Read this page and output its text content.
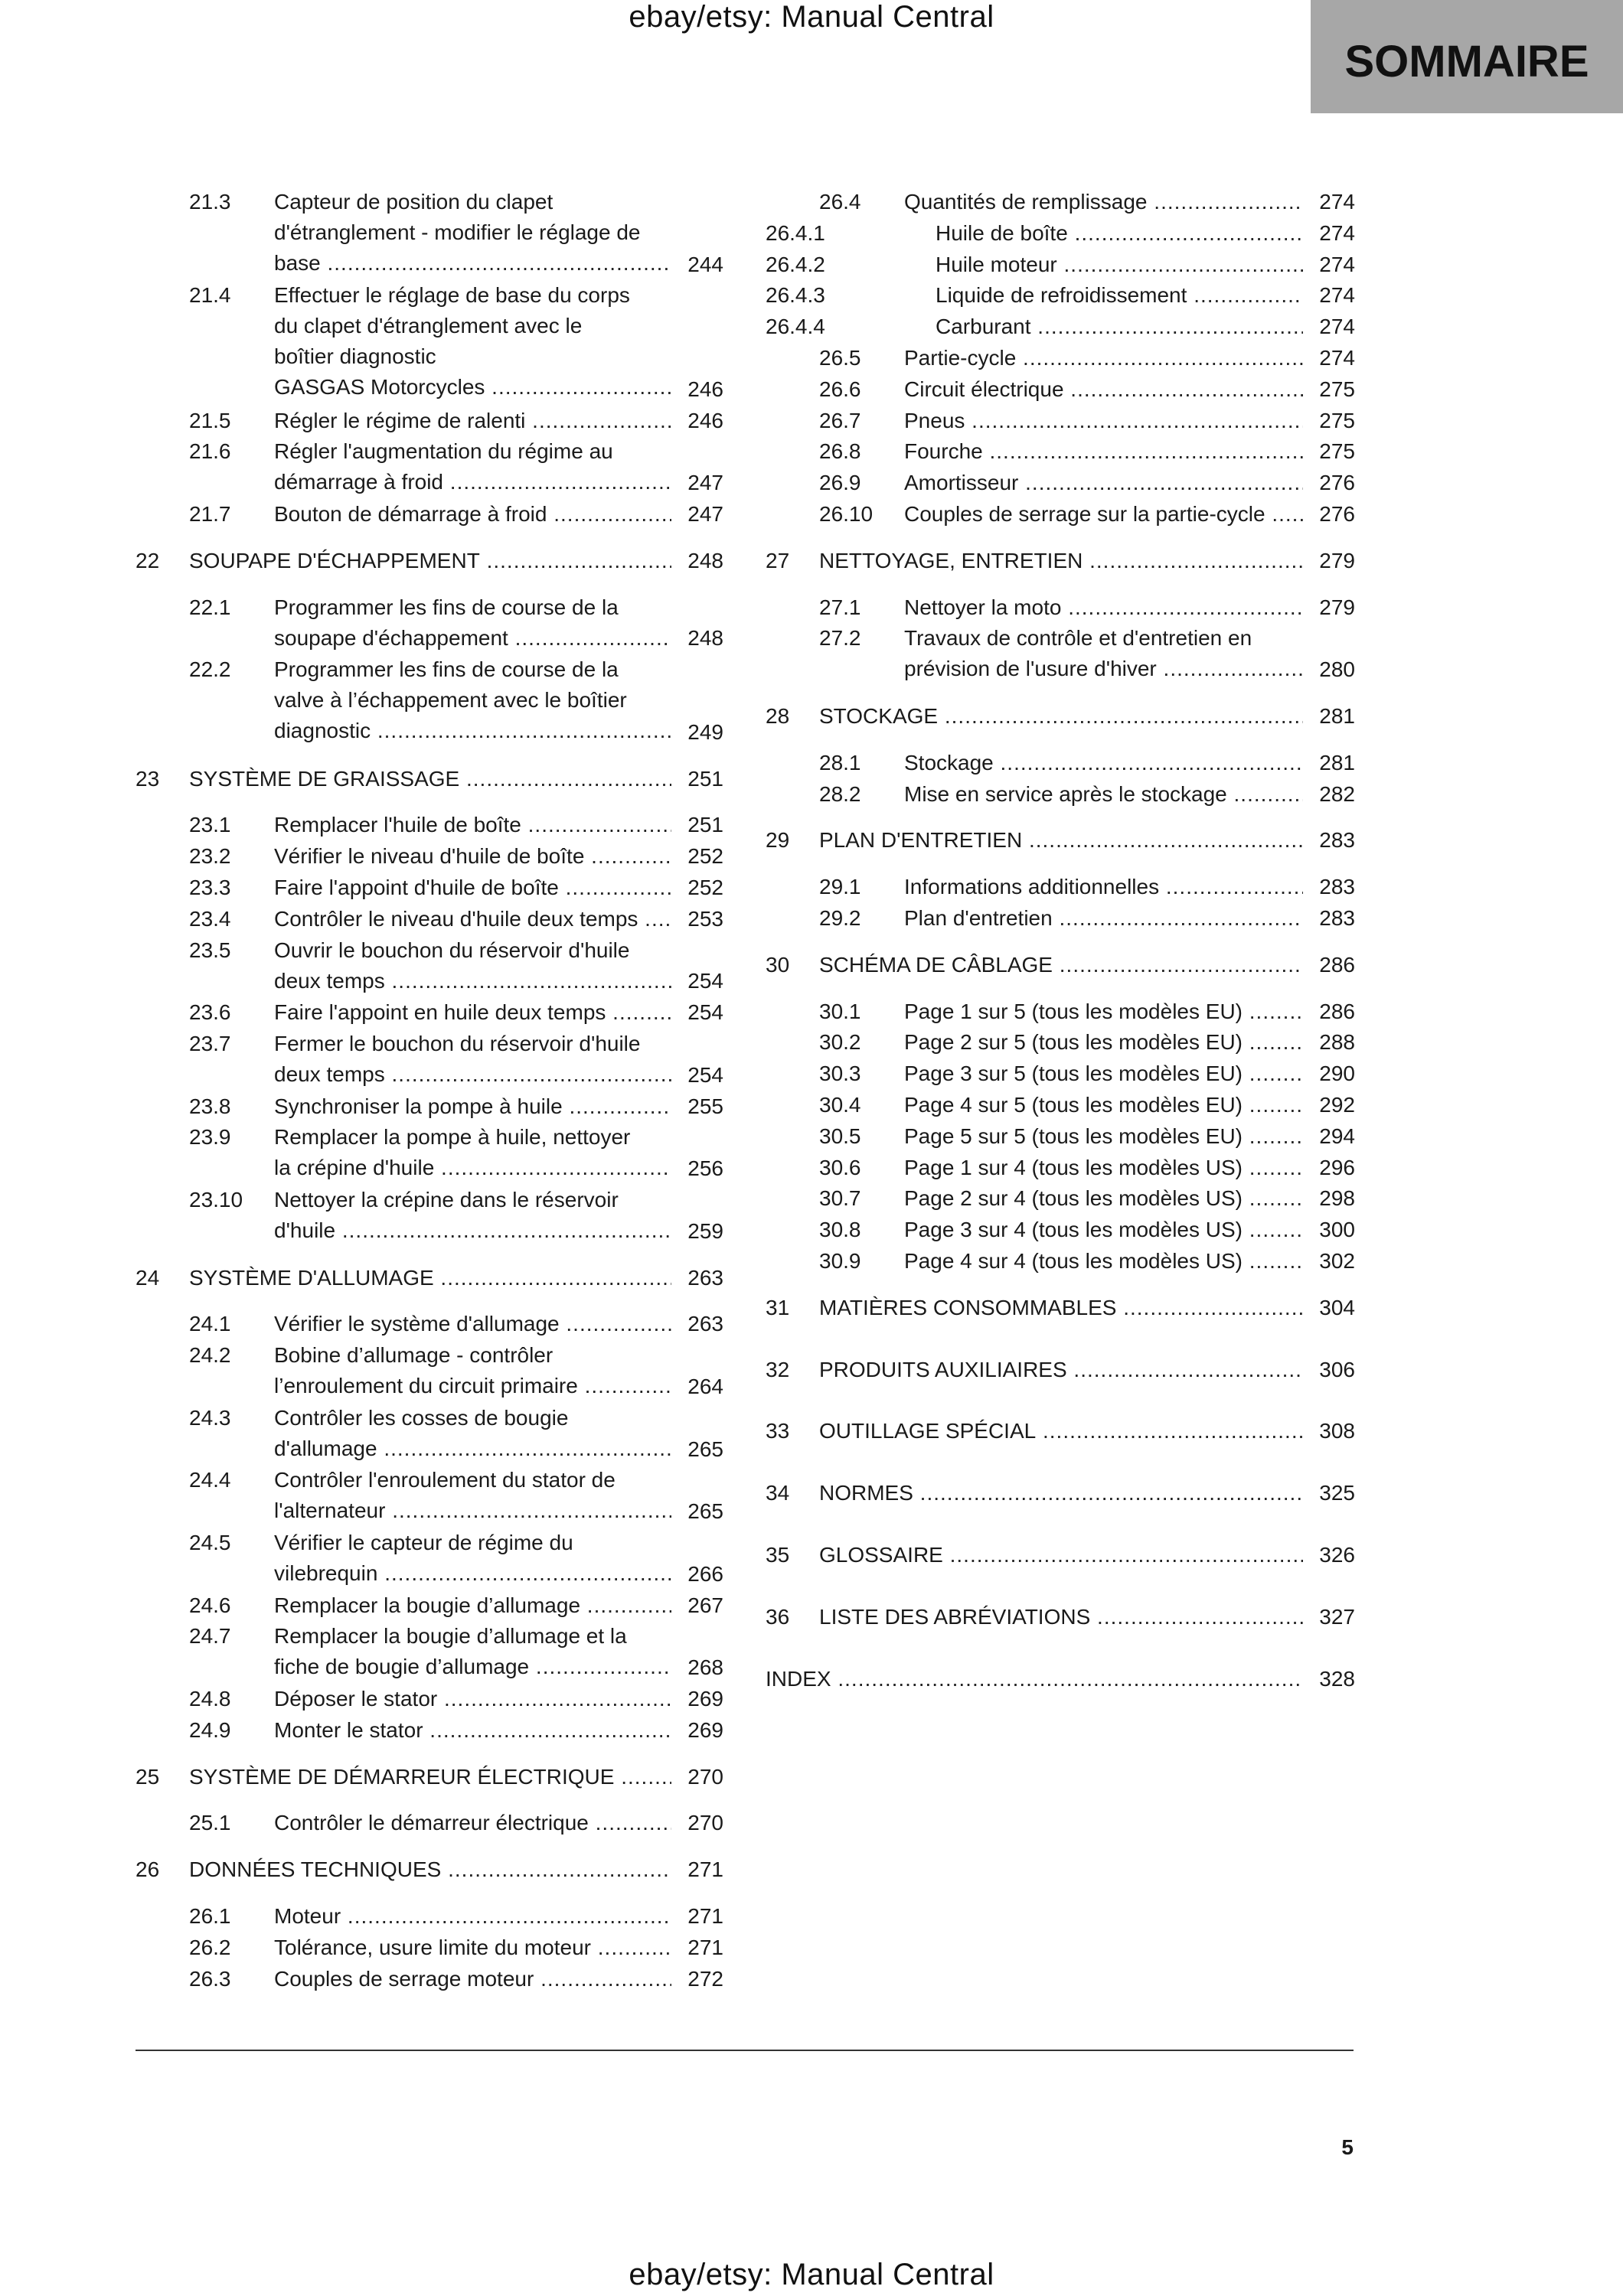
ebay/etsy: Manual Central
SOMMAIRE
21.3 Capteur de position du clapet
d'étranglement - modifier le réglage de
base .....	244
21.4 Effectuer le réglage de base du corps
du clapet d'étranglement avec le
boîtier diagnostic
GASGAS Motorcycles .....	246
21.5 Régler le régime de ralenti .....	246
21.6 Régler l'augmentation du régime au
démarrage à froid .....	247
21.7 Bouton de démarrage à froid .....	247
22 SOUPAPE D'ÉCHAPPEMENT .....	248
22.1 Programmer les fins de course de la
soupape d'échappement .....	248
22.2 Programmer les fins de course de la
valve à l’échappement avec le boîtier
diagnostic .....	249
23 SYSTÈME DE GRAISSAGE .....	251
23.1 Remplacer l'huile de boîte .....	251
23.2 Vérifier le niveau d'huile de boîte .....	252
23.3 Faire l'appoint d'huile de boîte .....	252
23.4 Contrôler le niveau d'huile deux temps .....	253
23.5 Ouvrir le bouchon du réservoir d'huile
deux temps .....	254
23.6 Faire l'appoint en huile deux temps .....	254
23.7 Fermer le bouchon du réservoir d'huile
deux temps .....	254
23.8 Synchroniser la pompe à huile .....	255
23.9 Remplacer la pompe à huile, nettoyer
la crépine d'huile .....	256
23.10 Nettoyer la crépine dans le réservoir
d'huile .....	259
24 SYSTÈME D'ALLUMAGE .....	263
24.1 Vérifier le système d'allumage .....	263
24.2 Bobine d’allumage - contrôler
l’enroulement du circuit primaire .....	264
24.3 Contrôler les cosses de bougie
d'allumage .....	265
24.4 Contrôler l'enroulement du stator de
l'alternateur .....	265
24.5 Vérifier le capteur de régime du
vilebrequin .....	266
24.6 Remplacer la bougie d’allumage .....	267
24.7 Remplacer la bougie d’allumage et la
fiche de bougie d’allumage .....	268
24.8 Déposer le stator .....	269
24.9 Monter le stator .....	269
25 SYSTÈME DE DÉMARREUR ÉLECTRIQUE .....	270
25.1 Contrôler le démarreur électrique .....	270
26 DONNÉES TECHNIQUES .....	271
26.1 Moteur .....	271
26.2 Tolérance, usure limite du moteur .....	271
26.3 Couples de serrage moteur .....	272
26.4 Quantités de remplissage .....	274
26.4.1	Huile de boîte .....	274
26.4.2	Huile moteur .....	274
26.4.3	Liquide de refroidissement .....	274
26.4.4	Carburant .....	274
26.5 Partie-cycle .....	274
26.6 Circuit électrique .....	275
26.7 Pneus .....	275
26.8 Fourche .....	275
26.9 Amortisseur .....	276
26.10 Couples de serrage sur la partie-cycle .....	276
27 NETTOYAGE, ENTRETIEN .....	279
27.1 Nettoyer la moto .....	279
27.2 Travaux de contrôle et d'entretien en
prévision de l'usure d'hiver .....	280
28 STOCKAGE .....	281
28.1 Stockage .....	281
28.2 Mise en service après le stockage .....	282
29 PLAN D'ENTRETIEN .....	283
29.1 Informations additionnelles .....	283
29.2 Plan d'entretien .....	283
30 SCHÉMA DE CÂBLAGE .....	286
30.1 Page 1 sur 5 (tous les modèles EU) .....	286
30.2 Page 2 sur 5 (tous les modèles EU) .....	288
30.3 Page 3 sur 5 (tous les modèles EU) .....	290
30.4 Page 4 sur 5 (tous les modèles EU) .....	292
30.5 Page 5 sur 5 (tous les modèles EU) .....	294
30.6 Page 1 sur 4 (tous les modèles US) .....	296
30.7 Page 2 sur 4 (tous les modèles US) .....	298
30.8 Page 3 sur 4 (tous les modèles US) .....	300
30.9 Page 4 sur 4 (tous les modèles US) .....	302
31 MATIÈRES CONSOMMABLES .....	304
32 PRODUITS AUXILIAIRES .....	306
33 OUTILLAGE SPÉCIAL .....	308
34 NORMES .....	325
35 GLOSSAIRE .....	326
36 LISTE DES ABRÉVIATIONS .....	327
INDEX .....	328
5
ebay/etsy: Manual Central
